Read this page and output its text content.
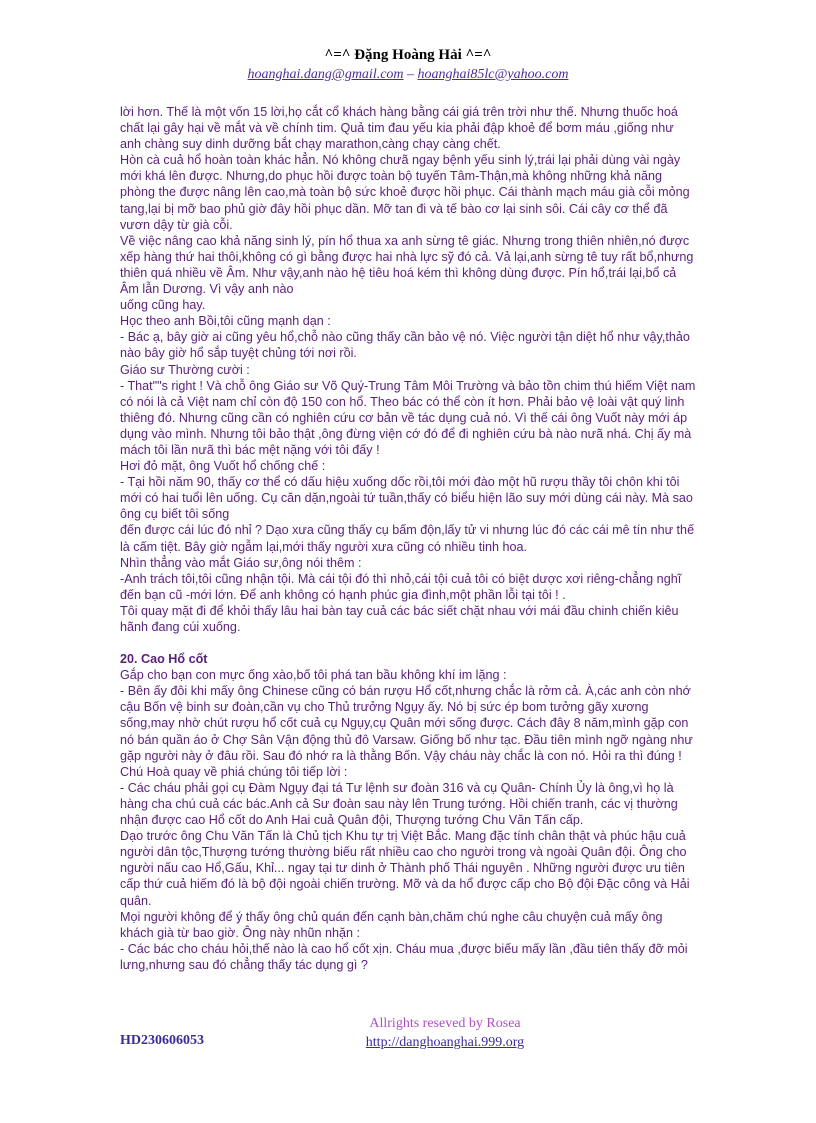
^=^ Đặng Hoàng Hải ^=^
hoanghai.dang@gmail.com – hoanghai85lc@yahoo.com

lời hơn. Thế là một vốn 15 lời,họ cắt cổ khách hàng bằng cái giá trên trời như thế. Nhưng thuốc hoá chất lại gây hại về mắt và về chính tim. Quả tim đau yếu kia phải đập khoẻ để bơm máu ,giống như anh chàng suy dinh dưỡng bắt chạy marathon,càng chạy càng chết.

Hòn cà cuả hổ hoàn toàn khác hẳn. Nó không chưã ngay bệnh yếu sinh lý,trái lại phải dùng vài ngày mới khá lên được. Nhưng,do phục hồi được toàn bộ tuyến Tâm-Thận,mà không những khả năng phòng the được nâng lên cao,mà toàn bộ sức khoẻ được hồi phục. Cái thành mạch máu già cỗi mỏng tang,lại bị mỡ bao phủ giờ đây hồi phục dần. Mỡ tan đi và tế bào cơ lại sinh sôi. Cái cây cơ thể đã vươn dậy từ già cỗi.

Về việc nâng cao khả năng sinh lý, pín hổ thua xa anh sừng tê giác. Nhưng trong thiên nhiên,nó được xếp hàng thứ hai thôi,không có gì bằng được hai nhà lực sỹ đó cả. Vả lại,anh sừng tê tuy rất bổ,nhưng thiên quá nhiều về Âm. Như vậy,anh nào hệ tiêu hoá kém thì không dùng được. Pín hổ,trái lại,bổ cả Âm lẫn Dương. Vì vậy anh nào

uống cũng hay.

Học theo anh Bồi,tôi cũng mạnh dạn :

- Bác ạ, bây giờ ai cũng yêu hổ,chỗ nào cũng thấy cần bảo vệ nó. Việc người tận diệt hổ như vậy,thảo nào bây giờ hổ sắp tuyệt chủng tới nơi rồi.

Giáo sư Thường cười :

- That""s right ! Và chỗ ông Giáo sư Võ Quý-Trung Tâm Môi Trường và bảo tồn chim thú hiếm Việt nam có nói là cả Việt nam chỉ còn độ 150 con hổ. Theo bác có thể còn ít hơn. Phải bảo vệ loài vật quý linh thiêng đó. Nhưng cũng cần có nghiên cứu cơ bản về tác dụng cuả nó. Vì thế cái ông Vuốt này mới áp dụng vào mình. Nhưng tôi bảo thật ,ông đừng viện cớ đó để đi nghiên cứu bà nào nưã nhá. Chị ấy mà mách tôi lần nưã thì bác mệt nặng với tôi đấy !

Hơi đỏ mặt, ông Vuốt hổ chống chế :

- Tại hồi năm 90, thấy cơ thể có dấu hiệu xuống dốc rồi,tôi mới đào một hũ rượu thầy tôi chôn khi tôi mới có hai tuổi lên uống. Cụ căn dặn,ngoài tứ tuần,thấy có biểu hiện lão suy mới dùng cái này. Mà sao ông cụ biết tôi sống

đến được cái lúc đó nhỉ ? Dạo xưa cũng thấy cụ bấm độn,lấy tử vi nhưng lúc đó các cái mê tín như thế là cấm tiệt. Bây giờ ngẫm lại,mới thấy người xưa cũng có nhiều tinh hoa.

Nhìn thẳng vào mắt Giáo sư,ông nói thêm :

-Anh trách tôi,tôi cũng nhận tội. Mà cái tội đó thì nhỏ,cái tội cuả tôi có biệt dược xơi riêng-chẳng nghĩ đến bạn cũ -mới lớn. Để anh không có hạnh phúc gia đình,một phần lỗi tại tôi ! .

Tôi quay mặt đi để khỏi thấy lâu hai bàn tay cuả các bác siết chặt nhau với mái đầu chinh chiến kiêu hãnh đang cúi xuống.

20. Cao Hổ cốt

Gắp cho bạn con mực ống xào,bố tôi phá tan bầu không khí im lặng :

- Bên ấy đôi khi mấy ông Chinese cũng có bán rượu Hổ cốt,nhưng chắc là rởm cả. À,các anh còn nhớ cậu Bốn vệ binh sư đoàn,cần vụ cho Thủ trưởng Ngụy ấy. Nó bị sức ép bom tưởng gãy xương sống,may nhờ chút rượu hổ cốt cuả cụ Ngụy,cụ Quân mới sống được. Cách đây 8 năm,mình gặp con nó bán quần áo ở Chợ Sân Vận động thủ đô Varsaw. Giống bố như tạc. Đầu tiên mình ngỡ ngàng như gặp người này ở đâu rồi. Sau đó nhớ ra là thằng Bốn. Vậy cháu này chắc là con nó. Hỏi ra thì đúng !

Chú Hoà quay về phiá chúng tôi tiếp lời :

- Các cháu phải gọi cụ Đàm Ngụy đại tá Tư lệnh sư đoàn 316 và cụ Quân- Chính Ủy là ông,vì họ là hàng cha chú cuả các bác.Anh cả Sư đoàn sau này lên Trung tướng. Hồi chiến tranh, các vị thường nhận được cao Hổ cốt do Anh Hai cuả Quân đội, Thượng tướng Chu Văn Tấn cấp.

Dạo trước ông Chu Văn Tấn là Chủ tịch Khu tự trị Việt Bắc. Mang đặc tính chân thật và phúc hậu cuả người dân tộc,Thượng tướng thường biếu rất nhiều cao cho người trong và ngoài Quân đội. Ông cho người nấu cao Hổ,Gấu, Khỉ... ngay tại tư dinh ở Thành phố Thái nguyên . Những người được ưu tiên cấp thứ cuả hiếm đó là bộ đội ngoài chiến trường. Mỡ và da hổ được cấp cho Bộ đội Đặc công và Hải quân.

Mọi người không để ý thấy ông chủ quán đến cạnh bàn,chăm chú nghe câu chuyện cuả mấy ông khách già từ bao giờ. Ông này nhũn nhặn :

- Các bác cho cháu hỏi,thế nào là cao hổ cốt xịn. Cháu mua ,được biếu mấy lần ,đầu tiên thấy đỡ mỏi lưng,nhưng sau đó chẳng thấy tác dụng gì ?

HD230606053
Allrights reseved by Rosea
http://danghoanghai.999.org
